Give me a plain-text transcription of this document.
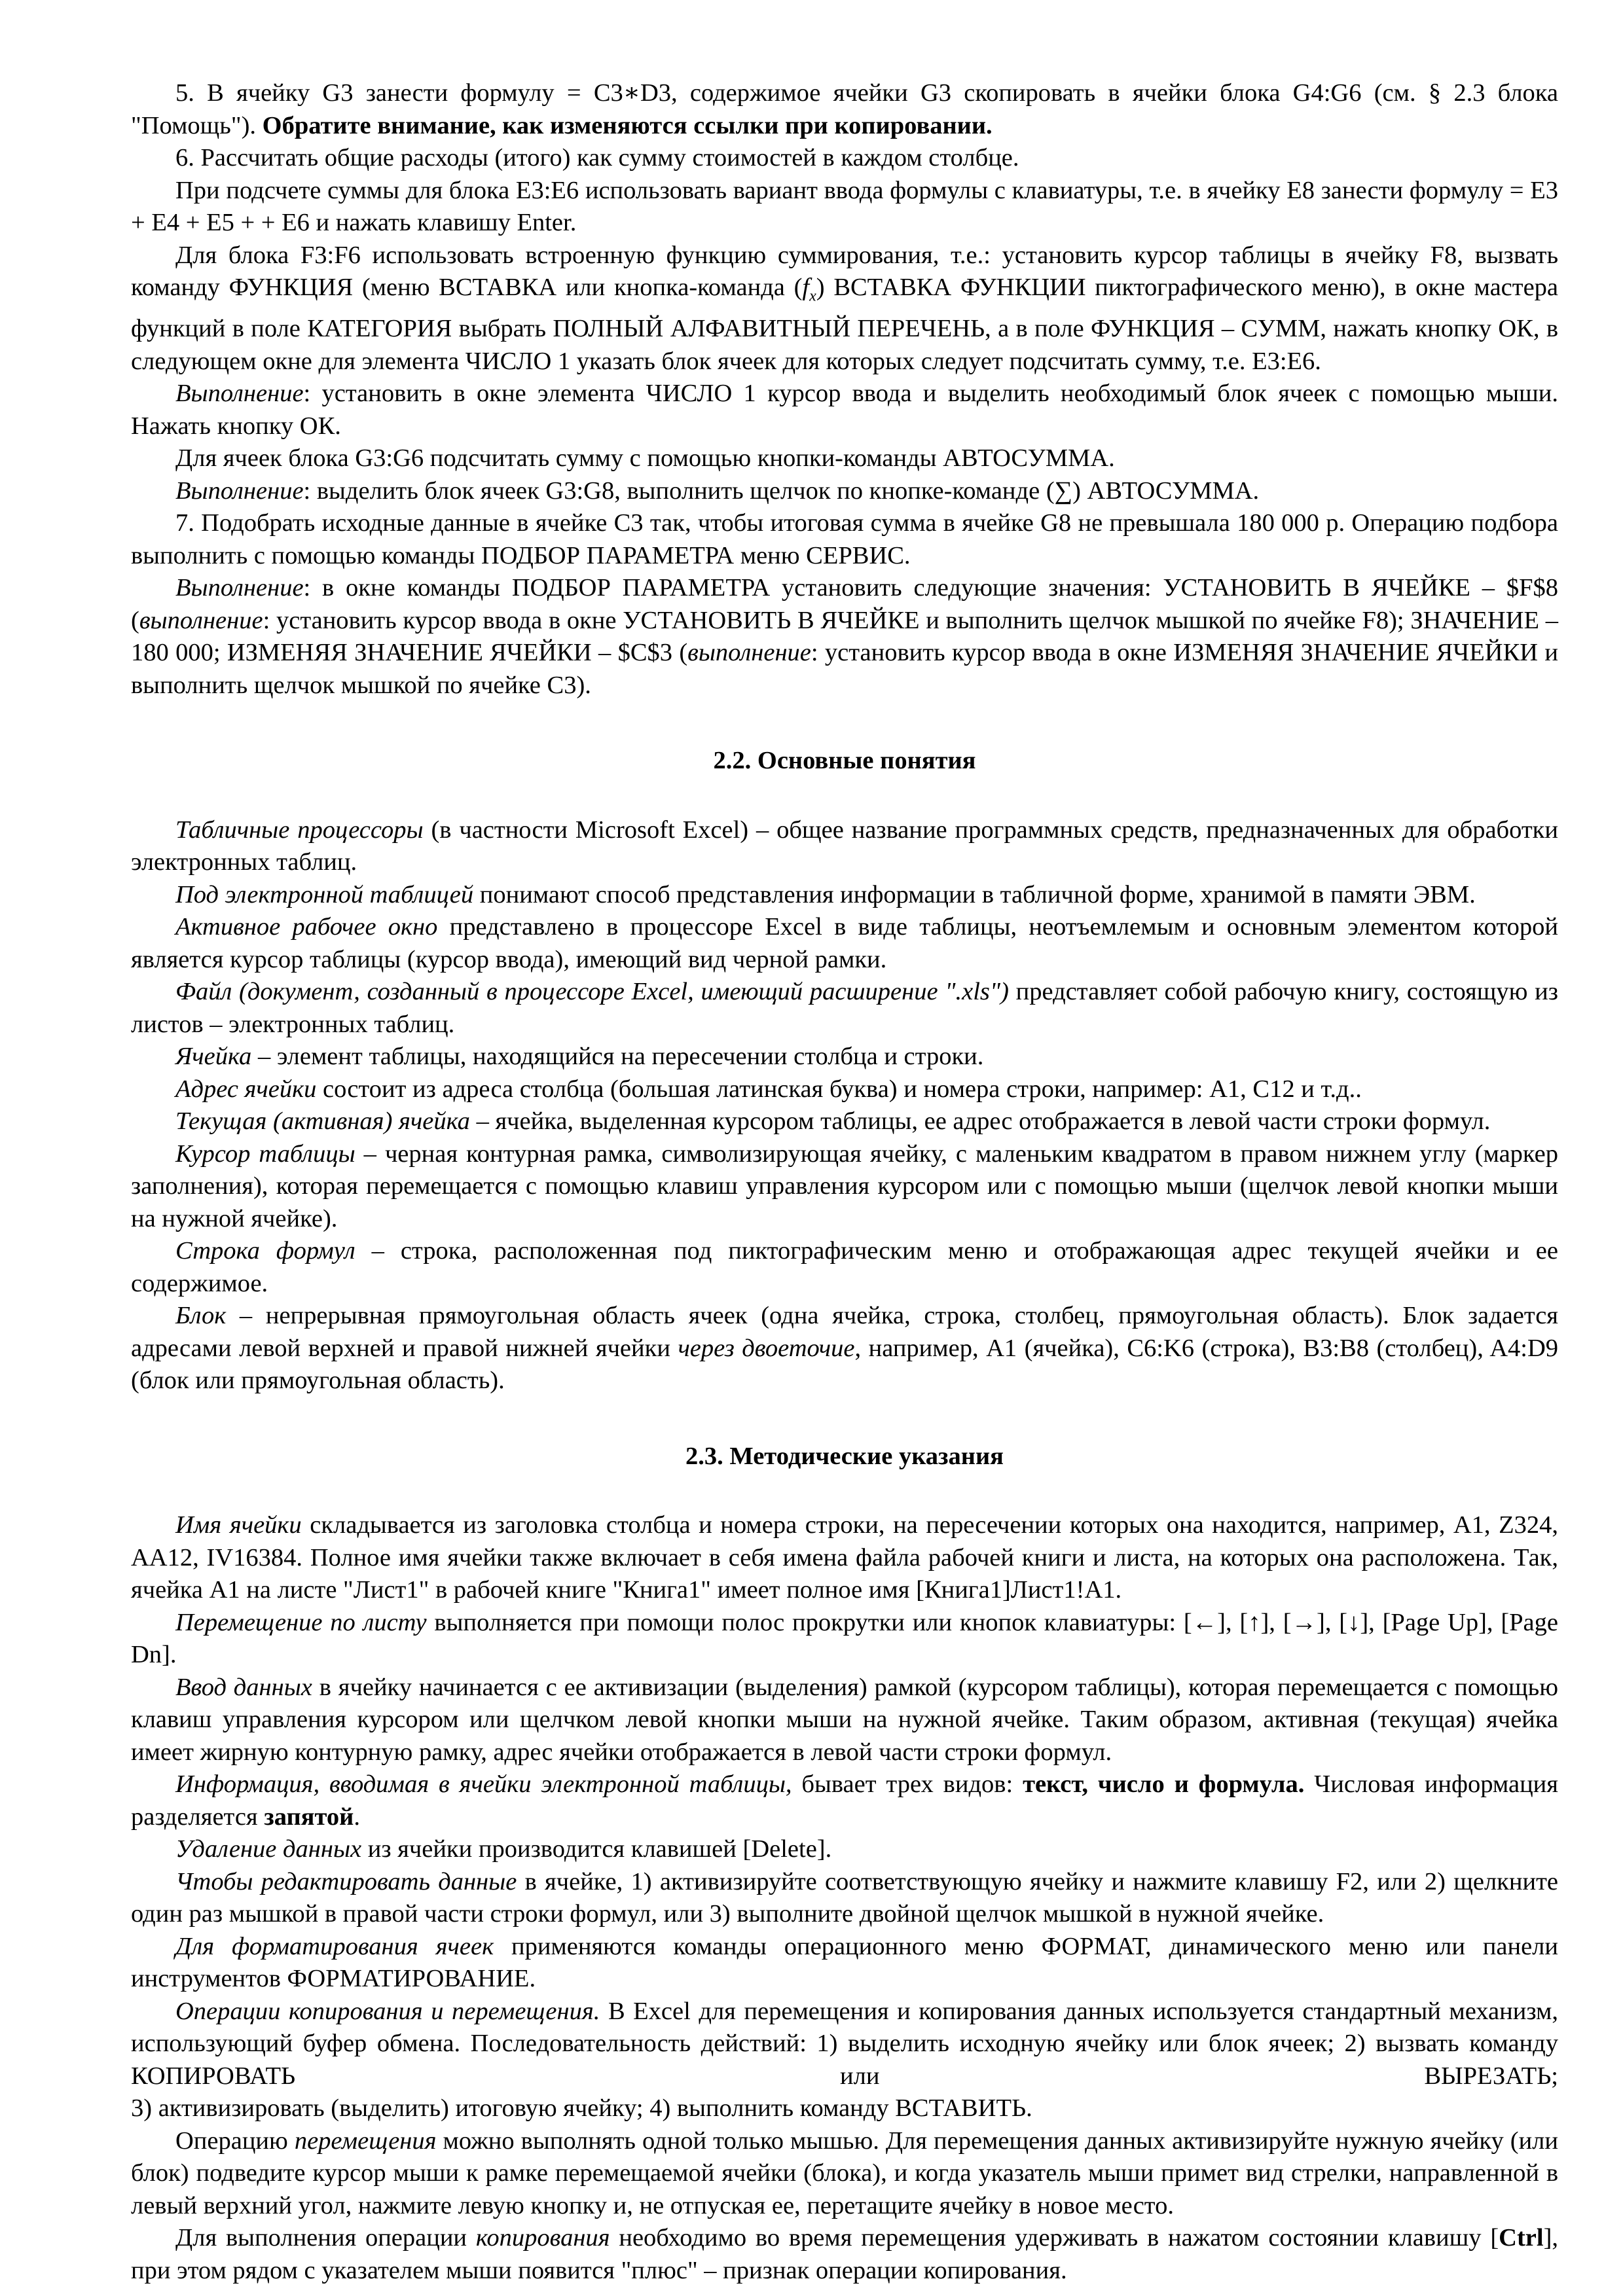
5. В ячейку G3 занести формулу = C3∗D3, содержимое ячейки G3 скопировать в ячейки блока G4:G6 (см. § 2.3 блока "Помощь"). Обратите внимание, как изменяются ссылки при копировании.

6. Рассчитать общие расходы (итого) как сумму стоимостей в каждом столбце.

При подсчете суммы для блока E3:E6 использовать вариант ввода формулы с клавиатуры, т.е. в ячейку E8 занести формулу = E3 + E4 + E5 + + E6 и нажать клавишу Enter.

Для блока F3:F6 использовать встроенную функцию суммирования, т.е.: установить курсор таблицы в ячейку F8, вызвать команду ФУНКЦИЯ (меню ВСТАВКА или кнопка-команда $(f_x)$ ВСТАВКА ФУНКЦИИ пиктографического меню), в окне мастера функций в поле КАТЕГОРИЯ выбрать ПОЛНЫЙ АЛФАВИТНЫЙ ПЕРЕЧЕНЬ, а в поле ФУНКЦИЯ – СУММ, нажать кнопку ОК, в следующем окне для элемента ЧИСЛО 1 указать блок ячеек для которых следует подсчитать сумму, т.е. E3:E6.

Выполнение: установить в окне элемента ЧИСЛО 1 курсор ввода и выделить необходимый блок ячеек с помощью мыши. Нажать кнопку ОК.

Для ячеек блока G3:G6 подсчитать сумму с помощью кнопки-команды АВТОСУММА.

Выполнение: выделить блок ячеек G3:G8, выполнить щелчок по кнопке-команде (∑) АВТОСУММА.

7. Подобрать исходные данные в ячейке C3 так, чтобы итоговая сумма в ячейке G8 не превышала 180 000 р. Операцию подбора выполнить с помощью команды ПОДБОР ПАРАМЕТРА меню СЕРВИС.

Выполнение: в окне команды ПОДБОР ПАРАМЕТРА установить следующие значения: УСТАНОВИТЬ В ЯЧЕЙКЕ – $F$8 (выполнение: установить курсор ввода в окне УСТАНОВИТЬ В ЯЧЕЙКЕ и выполнить щелчок мышкой по ячейке F8); ЗНАЧЕНИЕ – 180 000; ИЗМЕНЯЯ ЗНАЧЕНИЕ ЯЧЕЙКИ – $C$3 (выполнение: установить курсор ввода в окне ИЗМЕНЯЯ ЗНАЧЕНИЕ ЯЧЕЙКИ и выполнить щелчок мышкой по ячейке C3).

2.2. Основные понятия

Табличные процессоры (в частности Microsoft Excel) – общее название программных средств, предназначенных для обработки электронных таблиц.

Под электронной таблицей понимают способ представления информации в табличной форме, хранимой в памяти ЭВМ.

Активное рабочее окно представлено в процессоре Excel в виде таблицы, неотъемлемым и основным элементом которой является курсор таблицы (курсор ввода), имеющий вид черной рамки.

Файл (документ, созданный в процессоре Excel, имеющий расширение ".xls") представляет собой рабочую книгу, состоящую из листов – электронных таблиц.

Ячейка – элемент таблицы, находящийся на пересечении столбца и строки.

Адрес ячейки состоит из адреса столбца (большая латинская буква) и номера строки, например: A1, C12 и т.д..

Текущая (активная) ячейка – ячейка, выделенная курсором таблицы, ее адрес отображается в левой части строки формул.

Курсор таблицы – черная контурная рамка, символизирующая ячейку, с маленьким квадратом в правом нижнем углу (маркер заполнения), которая перемещается с помощью клавиш управления курсором или с помощью мыши (щелчок левой кнопки мыши на нужной ячейке).

Строка формул – строка, расположенная под пиктографическим меню и отображающая адрес текущей ячейки и ее содержимое.

Блок – непрерывная прямоугольная область ячеек (одна ячейка, строка, столбец, прямоугольная область). Блок задается адресами левой верхней и правой нижней ячейки через двоеточие, например, A1 (ячейка), C6:K6 (строка), B3:B8 (столбец), A4:D9 (блок или прямоугольная область).

2.3. Методические указания

Имя ячейки складывается из заголовка столбца и номера строки, на пересечении которых она находится, например, A1, Z324, AA12, IV16384. Полное имя ячейки также включает в себя имена файла рабочей книги и листа, на которых она расположена. Так, ячейка A1 на листе "Лист1" в рабочей книге "Книга1" имеет полное имя [Книга1]Лист1!A1.

Перемещение по листу выполняется при помощи полос прокрутки или кнопок клавиатуры: [←], [↑], [→], [↓], [Page Up], [Page Dn].

Ввод данных в ячейку начинается с ее активизации (выделения) рамкой (курсором таблицы), которая перемещается с помощью клавиш управления курсором или щелчком левой кнопки мыши на нужной ячейке. Таким образом, активная (текущая) ячейка имеет жирную контурную рамку, адрес ячейки отображается в левой части строки формул.

Информация, вводимая в ячейки электронной таблицы, бывает трех видов: текст, число и формула. Числовая информация разделяется запятой.

Удаление данных из ячейки производится клавишей [Delete].

Чтобы редактировать данные в ячейке, 1) активизируйте соответствующую ячейку и нажмите клавишу F2, или 2) щелкните один раз мышкой в правой части строки формул, или 3) выполните двойной щелчок мышкой в нужной ячейке.

Для форматирования ячеек применяются команды операционного меню ФОРМАТ, динамического меню или панели инструментов ФОРМАТИРОВАНИЕ.

Операции копирования и перемещения. В Excel для перемещения и копирования данных используется стандартный механизм, использующий буфер обмена. Последовательность действий: 1) выделить исходную ячейку или блок ячеек; 2) вызвать команду КОПИРОВАТЬ или ВЫРЕЗАТЬ;

3) активизировать (выделить) итоговую ячейку; 4) выполнить команду ВСТАВИТЬ.

Операцию перемещения можно выполнять одной только мышью. Для перемещения данных активизируйте нужную ячейку (или блок) подведите курсор мыши к рамке перемещаемой ячейки (блока), и когда указатель мыши примет вид стрелки, направленной в левый верхний угол, нажмите левую кнопку и, не отпуская ее, перетащите ячейку в новое место.

Для выполнения операции копирования необходимо во время перемещения удерживать в нажатом состоянии клавишу [Ctrl], при этом рядом с указателем мыши появится "плюс" – признак операции копирования.
